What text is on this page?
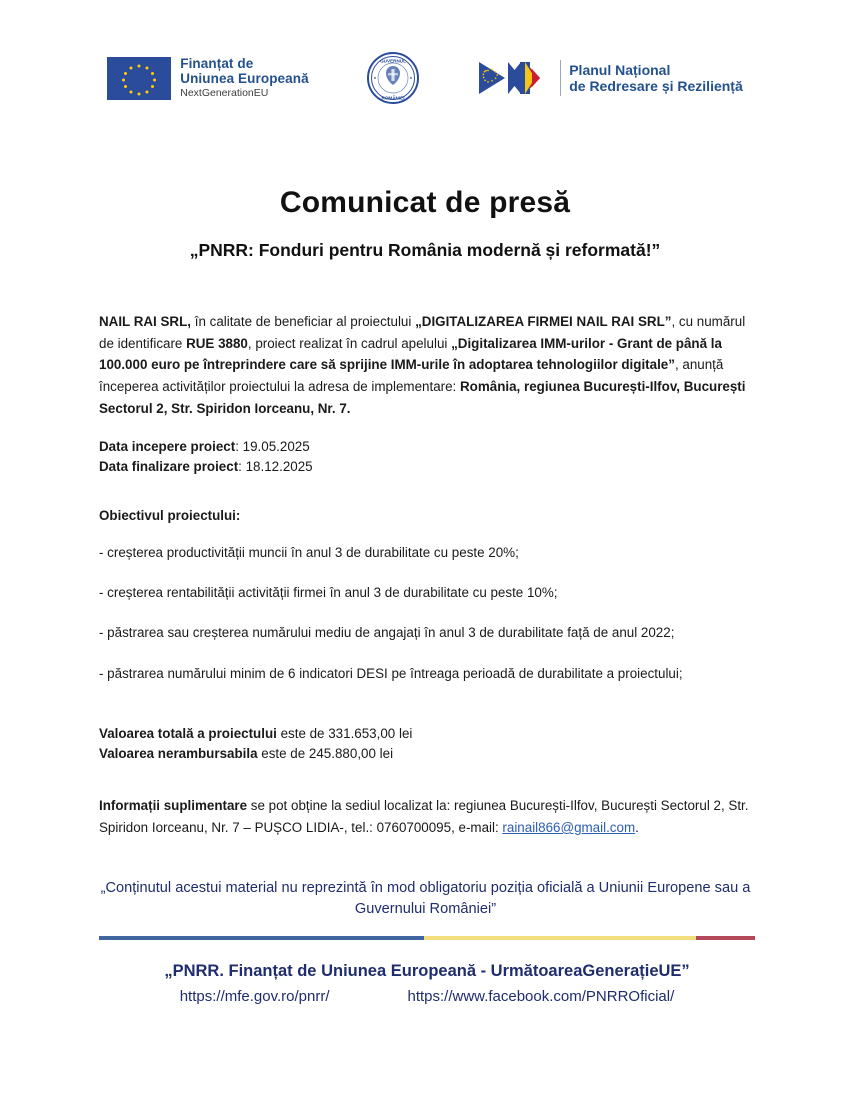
Finanțat de
Uniunea Europeană
NextGenerationEU
GUVERNUL
ROMÂNIEI
Planul Național
de Redresare și Reziliență
Comunicat de presă
„PNRR: Fonduri pentru România modernă și reformată!”

NAIL RAI SRL, în calitate de beneficiar al proiectului „DIGITALIZAREA FIRMEI NAIL RAI SRL”, cu numărul de identificare RUE 3880, proiect realizat în cadrul apelului „Digitalizarea IMM-urilor - Grant de până la 100.000 euro pe întreprindere care să sprijine IMM-urile în adoptarea tehnologiilor digitale”, anunță începerea activităților proiectului la adresa de implementare: România, regiunea București-Ilfov, București Sectorul 2, Str. Spiridon Iorceanu, Nr. 7.

Data incepere proiect: 19.05.2025
Data finalizare proiect: 18.12.2025
Obiectivul proiectului:
- creșterea productivității muncii în anul 3 de durabilitate cu peste 20%;
- creșterea rentabilității activității firmei în anul 3 de durabilitate cu peste 10%;
- păstrarea sau creșterea numărului mediu de angajați în anul 3 de durabilitate față de anul 2022;
- păstrarea numărului minim de 6 indicatori DESI pe întreaga perioadă de durabilitate a proiectului;
Valoarea totală a proiectului este de 331.653,00 lei
Valoarea nerambursabila este de 245.880,00 lei

Informații suplimentare se pot obține la sediul localizat la: regiunea București-Ilfov, București Sectorul 2, Str. Spiridon Iorceanu, Nr. 7 – PUȘCO LIDIA-, tel.: 0760700095, e-mail: rainail866@gmail.com.

„Conținutul acestui material nu reprezintă în mod obligatoriu poziția oficială a Uniunii Europene sau a Guvernului României”
„PNRR. Finanțat de Uniunea Europeană - UrmătoareaGenerațieUE”
https://mfe.gov.ro/pnrr/	https://www.facebook.com/PNRROficial/
